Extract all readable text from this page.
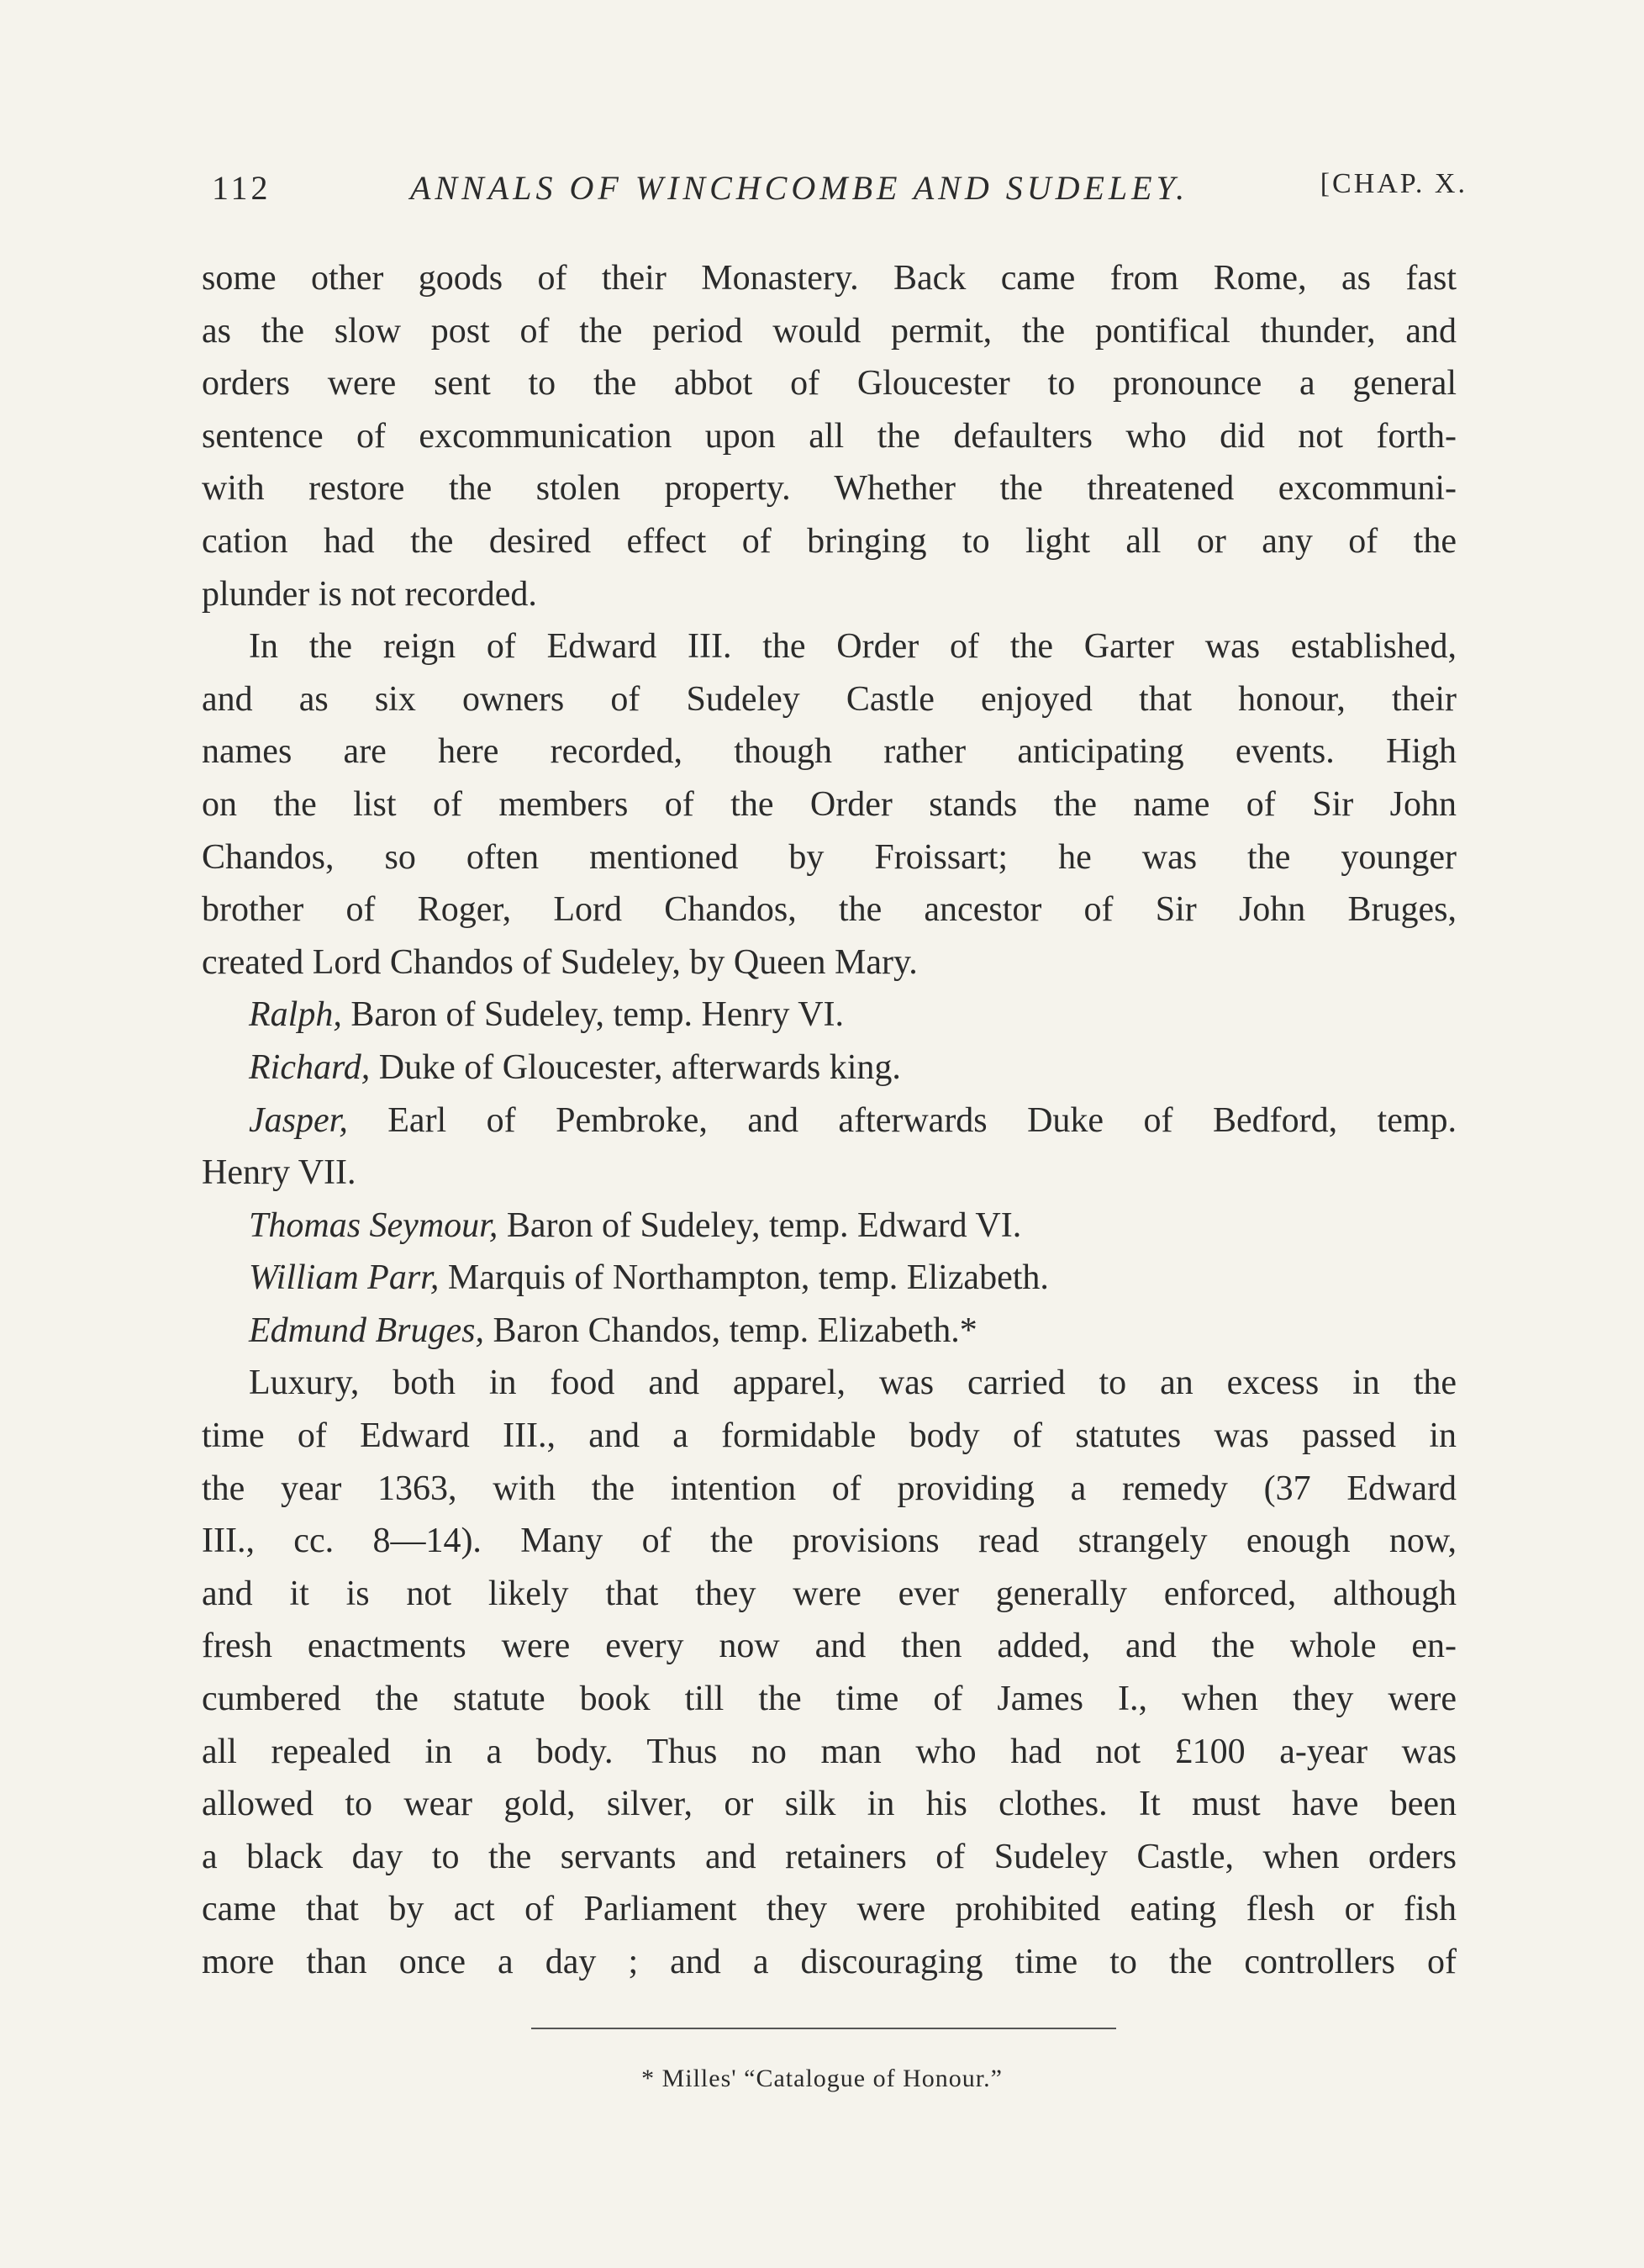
112	ANNALS OF WINCHCOMBE AND SUDELEY.	[CHAP. X.
some other goods of their Monastery. Back came from Rome, as fast
as the slow post of the period would permit, the pontifical thunder, and
orders were sent to the abbot of Gloucester to pronounce a general
sentence of excommunication upon all the defaulters who did not forth-
with restore the stolen property. Whether the threatened excommuni-
cation had the desired effect of bringing to light all or any of the
plunder is not recorded.
In the reign of Edward III. the Order of the Garter was established,
and as six owners of Sudeley Castle enjoyed that honour, their
names are here recorded, though rather anticipating events. High
on the list of members of the Order stands the name of Sir John
Chandos, so often mentioned by Froissart; he was the younger
brother of Roger, Lord Chandos, the ancestor of Sir John Bruges,
created Lord Chandos of Sudeley, by Queen Mary.
Ralph, Baron of Sudeley, temp. Henry VI.
Richard, Duke of Gloucester, afterwards king.
Jasper, Earl of Pembroke, and afterwards Duke of Bedford, temp.
Henry VII.
Thomas Seymour, Baron of Sudeley, temp. Edward VI.
William Parr, Marquis of Northampton, temp. Elizabeth.
Edmund Bruges, Baron Chandos, temp. Elizabeth.*
Luxury, both in food and apparel, was carried to an excess in the
time of Edward III., and a formidable body of statutes was passed in
the year 1363, with the intention of providing a remedy (37 Edward
III., cc. 8—14). Many of the provisions read strangely enough now,
and it is not likely that they were ever generally enforced, although
fresh enactments were every now and then added, and the whole en-
cumbered the statute book till the time of James I., when they were
all repealed in a body. Thus no man who had not £100 a-year was
allowed to wear gold, silver, or silk in his clothes. It must have been
a black day to the servants and retainers of Sudeley Castle, when orders
came that by act of Parliament they were prohibited eating flesh or fish
more than once a day ; and a discouraging time to the controllers of
* Milles' “Catalogue of Honour.”
